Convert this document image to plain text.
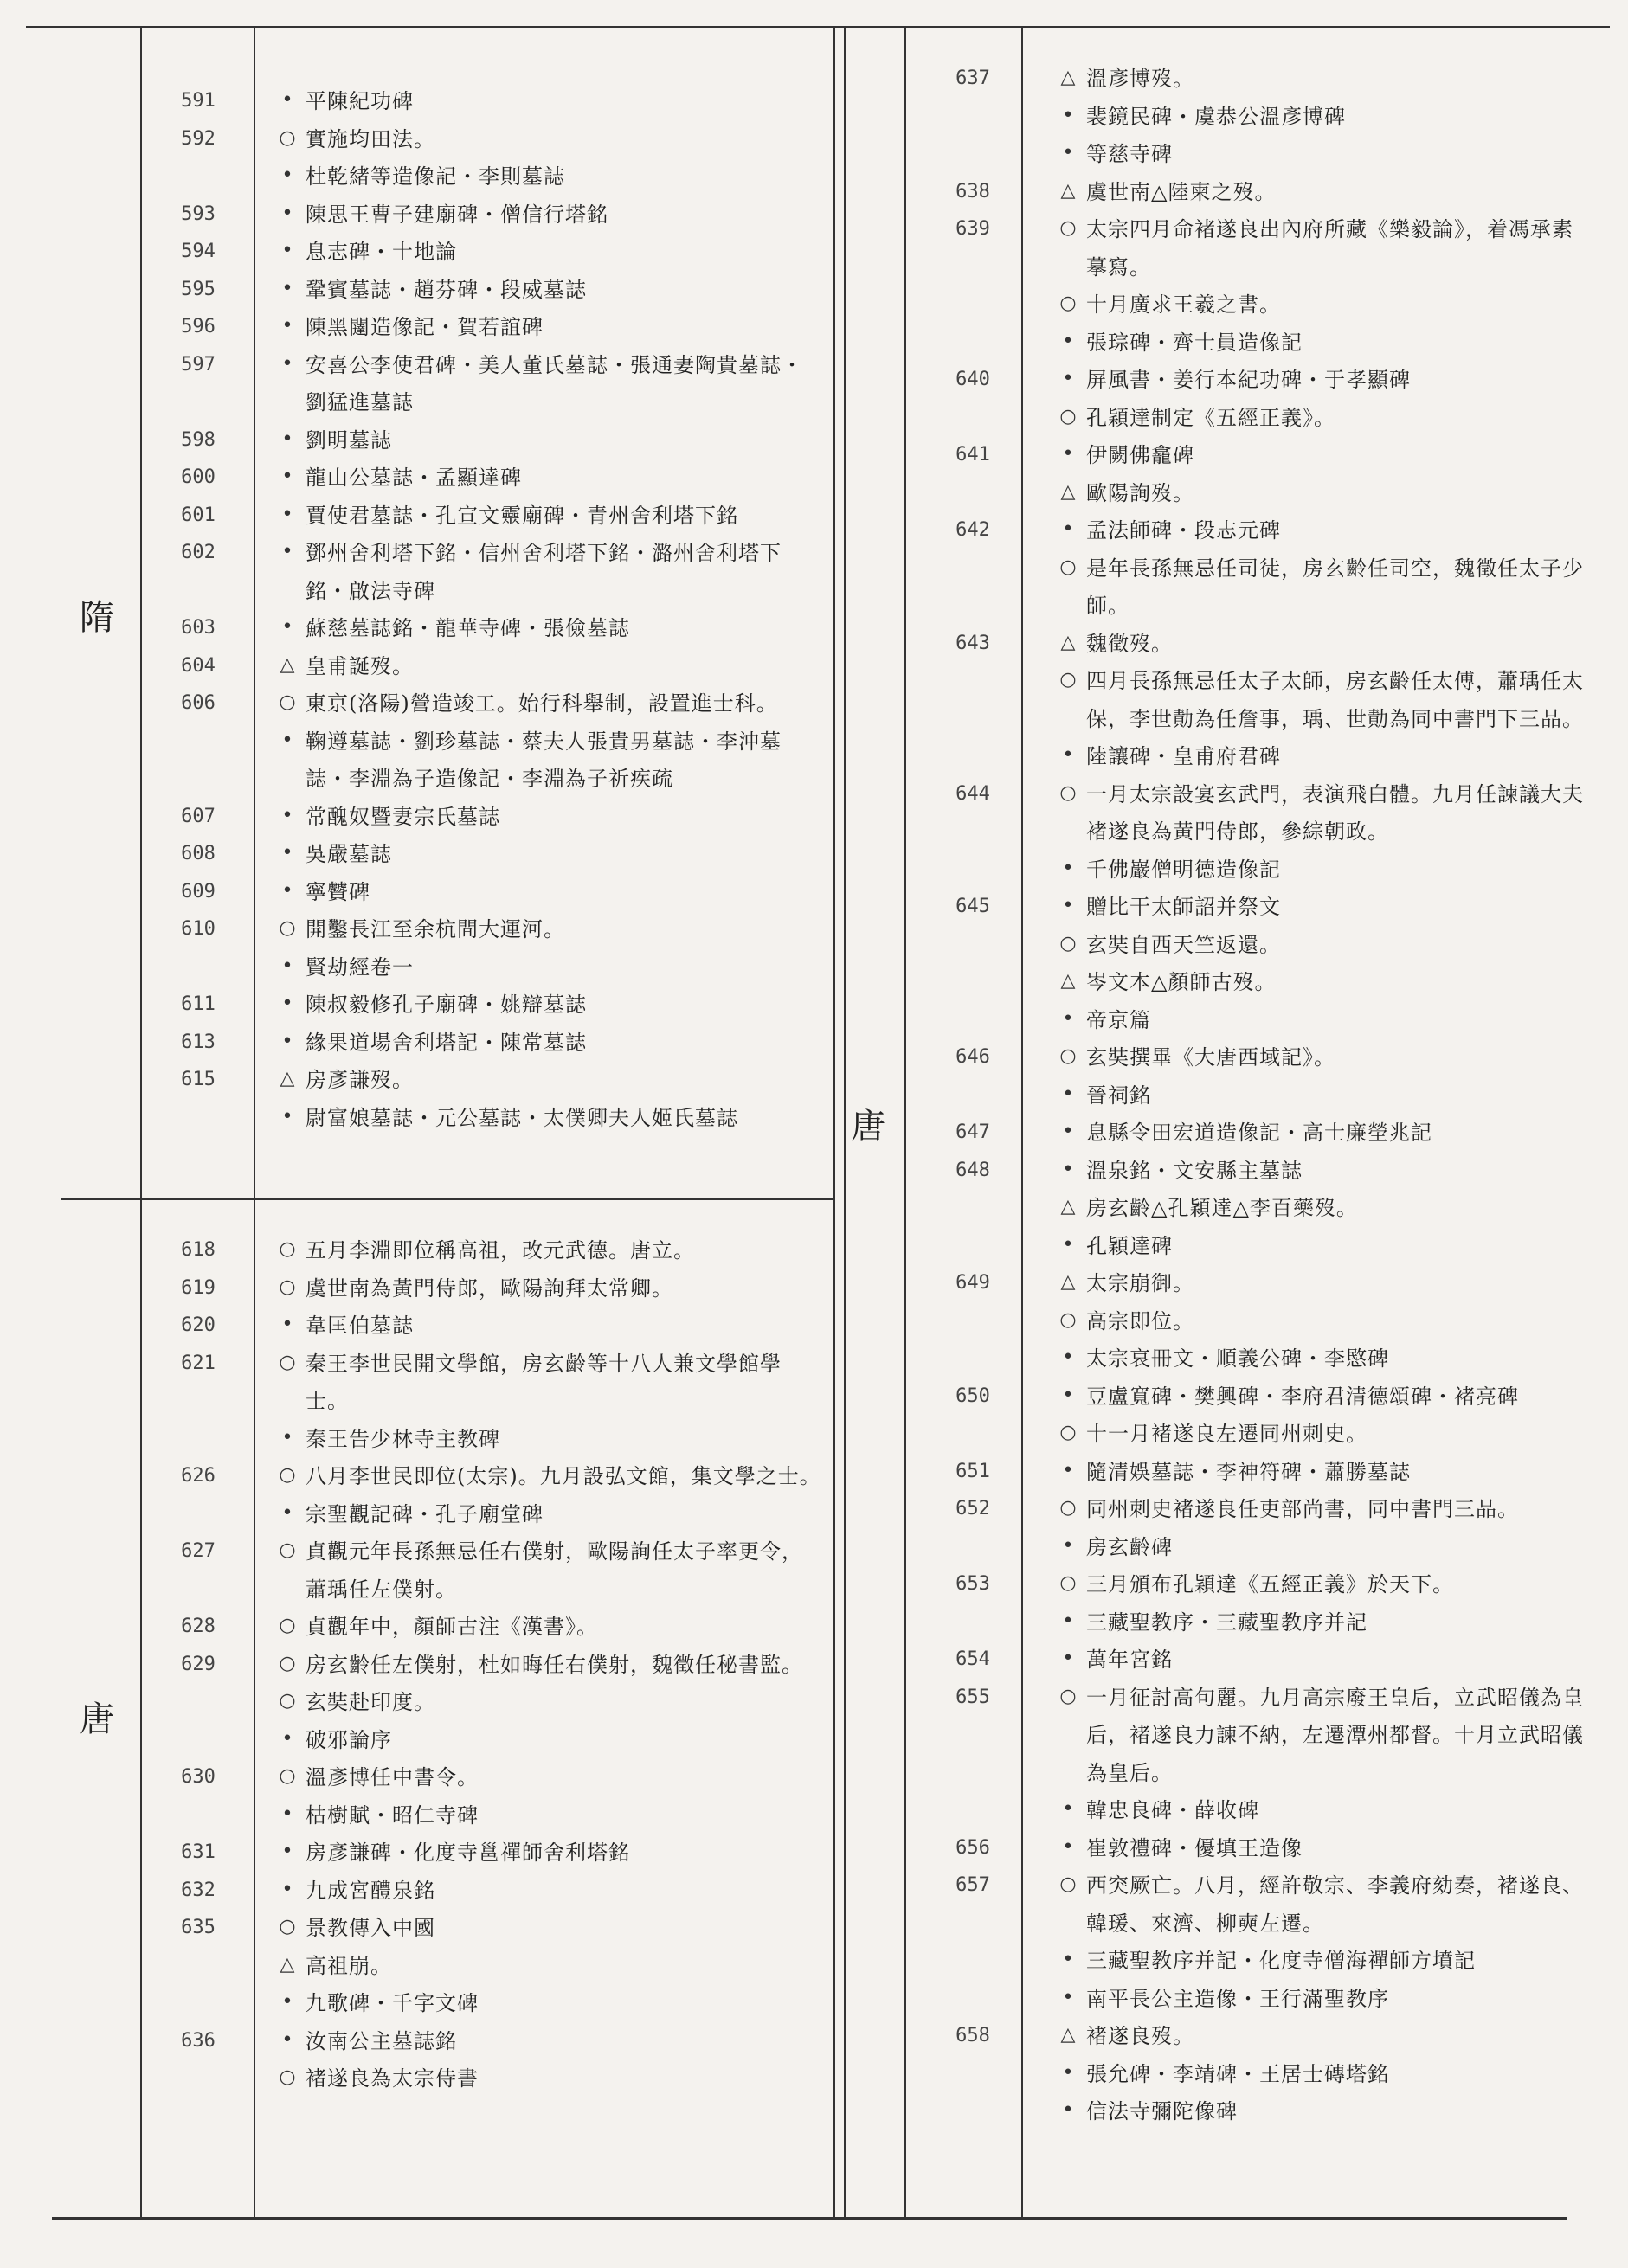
隋
唐
唐
591	• 平陳紀功碑
592	○ 實施均田法。
• 杜乾緒等造像記・李則墓誌
593	• 陳思王曹子建廟碑・僧信行塔銘
594	• 息志碑・十地論
595	• 鞏賓墓誌・趙芬碑・段威墓誌
596	• 陳黑闥造像記・賀若誼碑
597	• 安喜公李使君碑・美人董氏墓誌・張通妻陶貴墓誌・劉猛進墓誌
598	• 劉明墓誌
600	• 龍山公墓誌・孟顯達碑
601	• 賈使君墓誌・孔宣文靈廟碑・青州舍利塔下銘
602	• 鄧州舍利塔下銘・信州舍利塔下銘・潞州舍利塔下銘・啟法寺碑
603	• 蘇慈墓誌銘・龍華寺碑・張儉墓誌
604	△ 皇甫誕歿。
606	○ 東京(洛陽)營造竣工。始行科舉制，設置進士科。
• 鞠遵墓誌・劉珍墓誌・蔡夫人張貴男墓誌・李沖墓誌・李淵為子造像記・李淵為子祈疾疏
607	• 常醜奴暨妻宗氏墓誌
608	• 吳嚴墓誌
609	• 寧贙碑
610	○ 開鑿長江至余杭間大運河。
• 賢劫經卷一
611	• 陳叔毅修孔子廟碑・姚辯墓誌
613	• 緣果道場舍利塔記・陳常墓誌
615	△ 房彥謙歿。
• 尉富娘墓誌・元公墓誌・太僕卿夫人姬氏墓誌
618	○ 五月李淵即位稱高祖，改元武德。唐立。
619	○ 虞世南為黃門侍郎，歐陽詢拜太常卿。
620	• 韋匡伯墓誌
621	○ 秦王李世民開文學館，房玄齡等十八人兼文學館學士。
• 秦王告少林寺主教碑
626	○ 八月李世民即位(太宗)。九月設弘文館，集文學之士。
• 宗聖觀記碑・孔子廟堂碑
627	○ 貞觀元年長孫無忌任右僕射，歐陽詢任太子率更令，蕭瑀任左僕射。
628	○ 貞觀年中，顏師古注《漢書》。
629	○ 房玄齡任左僕射，杜如晦任右僕射，魏徵任秘書監。
○ 玄奘赴印度。
• 破邪論序
630	○ 溫彥博任中書令。
• 枯樹賦・昭仁寺碑
631	• 房彥謙碑・化度寺邕禪師舍利塔銘
632	• 九成宮醴泉銘
635	○ 景教傳入中國
△ 高祖崩。
• 九歌碑・千字文碑
636	• 汝南公主墓誌銘
○ 褚遂良為太宗侍書
637	△ 溫彥博歿。
• 裴鏡民碑・虞恭公溫彥博碑
• 等慈寺碑
638	△ 虞世南△陸柬之歿。
639	○ 太宗四月命褚遂良出內府所藏《樂毅論》，着馮承素摹寫。
○ 十月廣求王羲之書。
• 張琮碑・齊士員造像記
640	• 屏風書・姜行本紀功碑・于孝顯碑
○ 孔穎達制定《五經正義》。
641	• 伊闕佛龕碑
△ 歐陽詢歿。
642	• 孟法師碑・段志元碑
○ 是年長孫無忌任司徒，房玄齡任司空，魏徵任太子少師。
643	△ 魏徵歿。
○ 四月長孫無忌任太子太師，房玄齡任太傅，蕭瑀任太保，李世勣為任詹事，瑀、世勣為同中書門下三品。
• 陸讓碑・皇甫府君碑
644	○ 一月太宗設宴玄武門，表演飛白體。九月任諫議大夫褚遂良為黃門侍郎，參綜朝政。
• 千佛巖僧明德造像記
645	• 贈比干太師詔并祭文
○ 玄奘自西天竺返還。
△ 岑文本△顏師古歿。
• 帝京篇
646	○ 玄奘撰畢《大唐西域記》。
• 晉祠銘
647	• 息縣令田宏道造像記・高士廉塋兆記
648	• 溫泉銘・文安縣主墓誌
△ 房玄齡△孔穎達△李百藥歿。
• 孔穎達碑
649	△ 太宗崩御。
○ 高宗即位。
• 太宗哀冊文・順義公碑・李愍碑
650	• 豆盧寬碑・樊興碑・李府君清德頌碑・褚亮碑
○ 十一月褚遂良左遷同州刺史。
651	• 隨清娛墓誌・李神符碑・蕭勝墓誌
652	○ 同州刺史褚遂良任吏部尚書，同中書門三品。
• 房玄齡碑
653	○ 三月頒布孔穎達《五經正義》於天下。
• 三藏聖教序・三藏聖教序并記
654	• 萬年宮銘
655	○ 一月征討高句麗。九月高宗廢王皇后，立武昭儀為皇后，褚遂良力諫不納，左遷潭州都督。十月立武昭儀為皇后。
• 韓忠良碑・薛收碑
656	• 崔敦禮碑・優填王造像
657	○ 西突厥亡。八月，經許敬宗、李義府劾奏，褚遂良、韓瑗、來濟、柳奭左遷。
• 三藏聖教序并記・化度寺僧海禪師方墳記
• 南平長公主造像・王行滿聖教序
658	△ 褚遂良歿。
• 張允碑・李靖碑・王居士磚塔銘
• 信法寺彌陀像碑
